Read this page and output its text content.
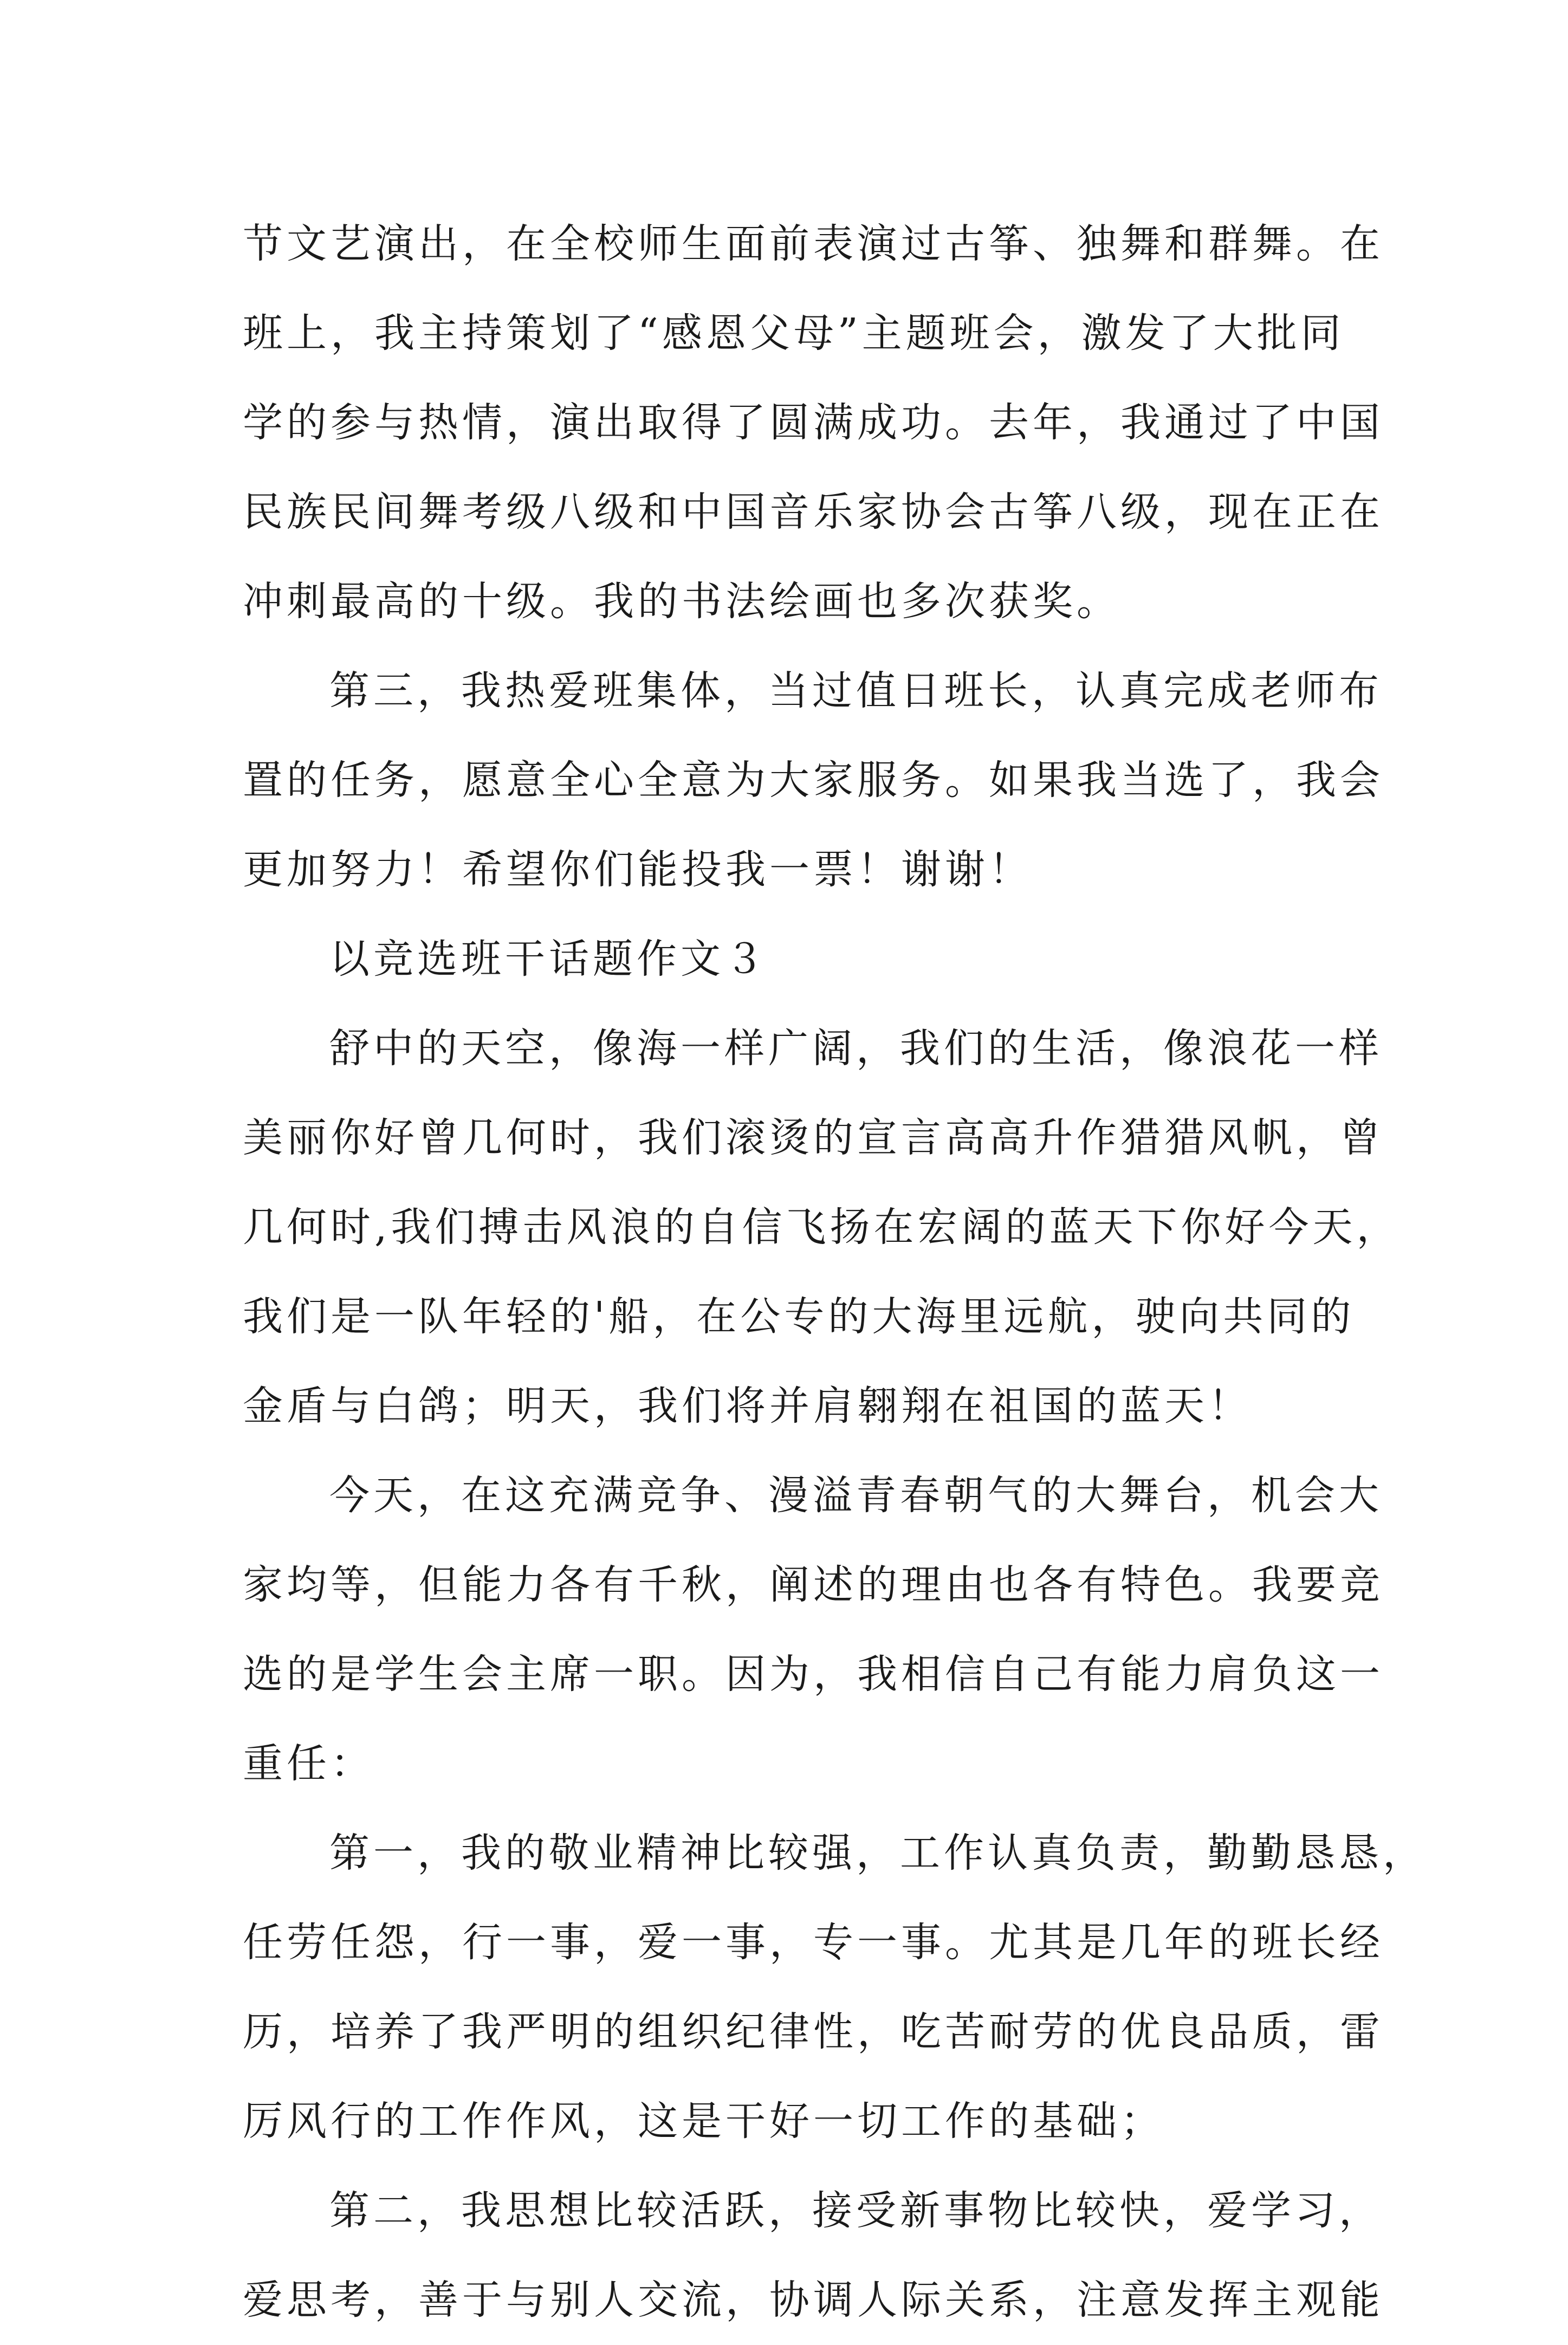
节文艺演出，在全校师生面前表演过古筝、独舞和群舞。在
班上，我主持策划了“感恩父母”主题班会，激发了大批同
学的参与热情，演出取得了圆满成功。去年，我通过了中国
民族民间舞考级八级和中国音乐家协会古筝八级，现在正在
冲刺最高的十级。我的书法绘画也多次获奖。
第三，我热爱班集体，当过值日班长，认真完成老师布
置的任务，愿意全心全意为大家服务。如果我当选了，我会
更加努力！希望你们能投我一票！谢谢！
以竞选班干话题作文３
舒中的天空，像海一样广阔，我们的生活，像浪花一样
美丽你好曾几何时，我们滚烫的宣言高高升作猎猎风帆，曾
几何时,我们搏击风浪的自信飞扬在宏阔的蓝天下你好今天，
我们是一队年轻的'船，在公专的大海里远航，驶向共同的
金盾与白鸽；明天，我们将并肩翱翔在祖国的蓝天！
今天，在这充满竞争、漫溢青春朝气的大舞台，机会大
家均等，但能力各有千秋，阐述的理由也各有特色。我要竞
选的是学生会主席一职。因为，我相信自己有能力肩负这一
重任：
第一，我的敬业精神比较强，工作认真负责，勤勤恳恳，
任劳任怨，行一事，爱一事，专一事。尤其是几年的班长经
历，培养了我严明的组织纪律性，吃苦耐劳的优良品质，雷
厉风行的工作作风，这是干好一切工作的基础；
第二，我思想比较活跃，接受新事物比较快，爱学习，
爱思考，善于与别人交流，协调人际关系，注意发挥主观能
